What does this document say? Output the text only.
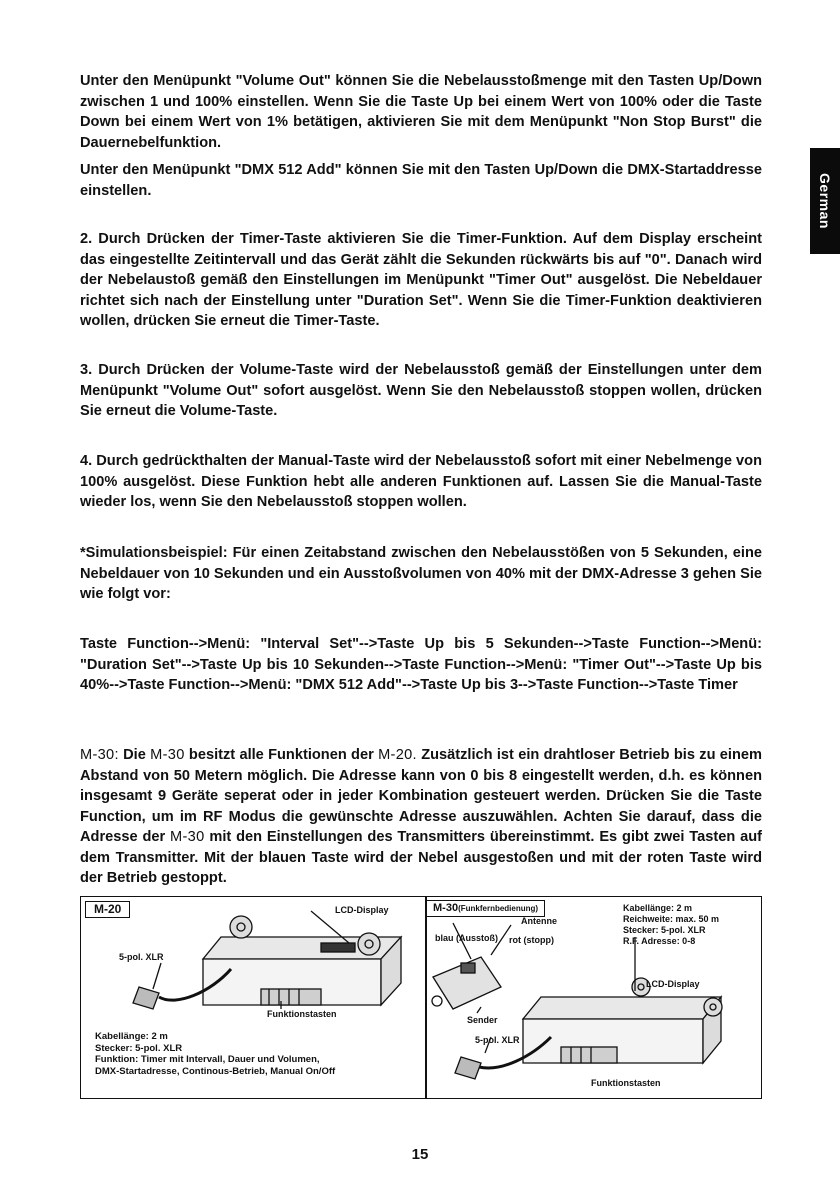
German

Unter den Menüpunkt "Volume Out" können Sie die Nebelausstoßmenge mit den Tasten Up/Down zwischen 1 und 100% einstellen. Wenn Sie die Taste Up bei einem Wert von 100% oder die Taste Down bei einem Wert von 1% betätigen, aktivieren Sie mit dem Menüpunkt "Non Stop Burst" die Dauernebelfunktion.

Unter den Menüpunkt "DMX 512 Add" können Sie mit den Tasten Up/Down die DMX-Startaddresse einstellen.

2. Durch Drücken der Timer-Taste aktivieren Sie die Timer-Funktion. Auf dem Display erscheint das eingestellte Zeitintervall und das Gerät zählt die Sekunden rückwärts bis auf "0". Danach wird der Nebelaustoß gemäß den Einstellungen im Menüpunkt "Timer Out" ausgelöst. Die Nebeldauer richtet sich nach der Einstellung unter "Duration Set". Wenn Sie die Timer-Funktion deaktivieren wollen, drücken Sie erneut die Timer-Taste.

3. Durch Drücken der Volume-Taste wird der Nebelausstoß gemäß der Einstellungen unter dem Menüpunkt "Volume Out" sofort ausgelöst. Wenn Sie den Nebelausstoß stoppen wollen, drücken Sie erneut die Volume-Taste.

4. Durch gedrückthalten der Manual-Taste wird der Nebelausstoß sofort mit einer Nebelmenge von 100% ausgelöst. Diese Funktion hebt alle anderen Funktionen auf. Lassen Sie die Manual-Taste wieder los, wenn Sie den Nebelausstoß stoppen wollen.

*Simulationsbeispiel: Für einen Zeitabstand zwischen den Nebelausstößen von 5 Sekunden, eine Nebeldauer von 10 Sekunden und ein Ausstoßvolumen von 40% mit der DMX-Adresse 3 gehen Sie wie folgt vor:

Taste Function-->Menü: "Interval Set"-->Taste Up bis 5 Sekunden-->Taste Function-->Menü: "Duration Set"-->Taste Up bis 10 Sekunden-->Taste Function-->Menü: "Timer Out"-->Taste Up bis 40%-->Taste Function-->Menü: "DMX 512 Add"-->Taste Up bis 3-->Taste Function-->Taste Timer

M-30: Die M-30 besitzt alle Funktionen der M-20. Zusätzlich ist ein drahtloser Betrieb bis zu einem Abstand von 50 Metern möglich. Die Adresse kann von 0 bis 8 eingestellt werden, d.h. es können insgesamt 9 Geräte seperat oder in jeder Kombination gesteuert werden. Drücken Sie die Taste Function, um im RF Modus die gewünschte Adresse auszuwählen. Achten Sie darauf, dass die Adresse der M-30 mit den Einstellungen des Transmitters übereinstimmt. Es gibt zwei Tasten auf dem Transmitter. Mit der blauen Taste wird der Nebel ausgestoßen und mit der roten Taste wird der Betrieb gestoppt.

M-20	LCD-Display
5-pol. XLR
Funktionstasten
Kabellänge: 2 m
Stecker: 5-pol. XLR
Funktion: Timer mit Intervall, Dauer und Volumen,
DMX-Startadresse, Continous-Betrieb, Manual On/Off
M-30(Funkfernbedienung)
Antenne
blau (Ausstoß) rot (stopp)
LCD-Display
Sender
5-pol. XLR
Funktionstasten
Kabellänge: 2 m
Reichweite: max. 50 m
Stecker: 5-pol. XLR
R.F. Adresse: 0-8
15
